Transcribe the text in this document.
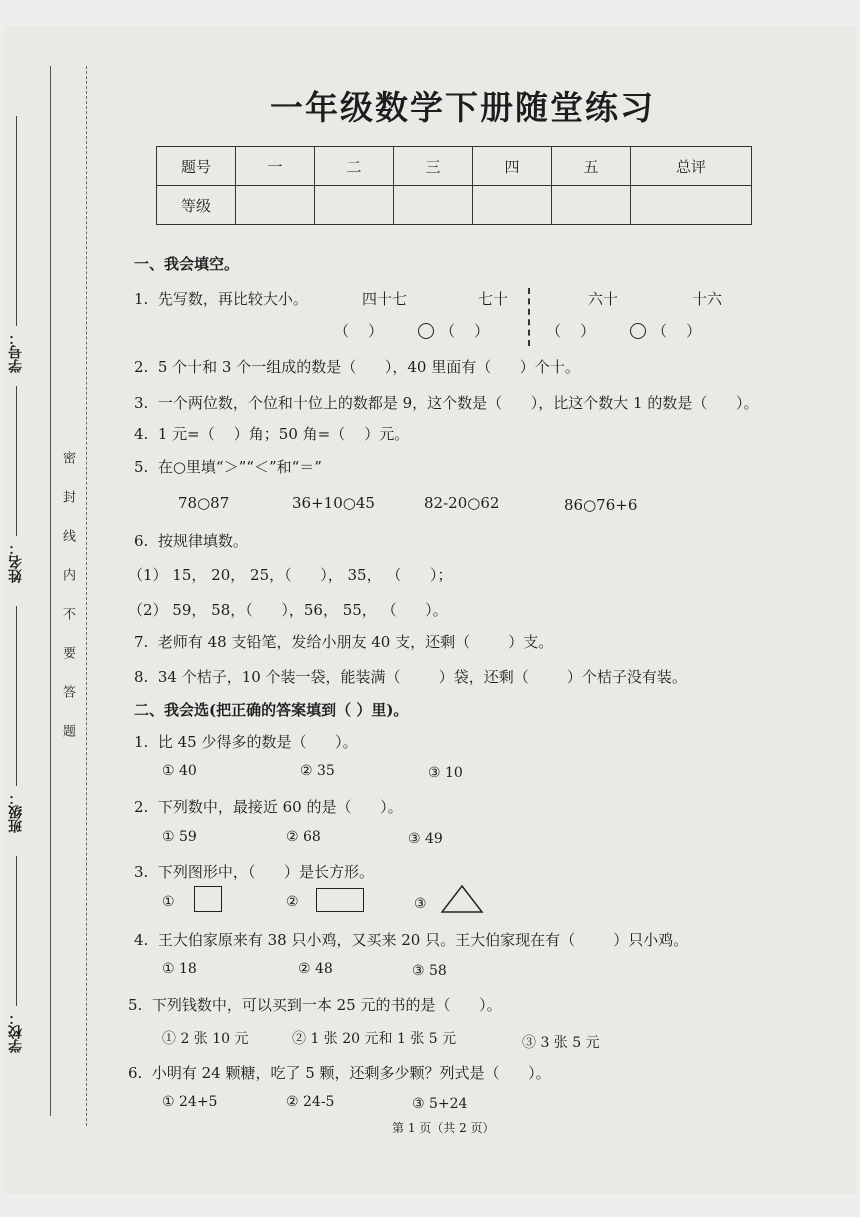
学号：
姓名：
班级：
学校：
密封线内不要答题
一年级数学下册随堂练习
题号	一	二	三	四	五	总评
等级						
一、我会填空。
1.  先写数，再比较大小。	四十七	七十	六十	十六
（    ）	（    ）	（    ）	（    ）
2.  5 个十和 3 个一组成的数是（      ），40 里面有（      ）个十。
3.  一个两位数，个位和十位上的数都是 9，这个数是（      ），比这个数大 1 的数是（      ）。
4.  1 元=（    ）角；50 角=（    ）元。
5.  在○里填“＞”“＜”和“＝”
78○87	36+10○45	82-20○62	86○76+6
6.  按规律填数。
（1） 15， 20， 25，（      ）， 35， （      ）；
（2） 59， 58，（      ），56， 55， （      ）。
7.  老师有 48 支铅笔，发给小朋友 40 支，还剩（        ）支。
8.  34 个桔子，10 个装一袋，能装满（        ）袋，还剩（        ）个桔子没有装。
二、我会选(把正确的答案填到（ ）里)。
1.  比 45 少得多的数是（      ）。
① 40	② 35	③ 10
2.  下列数中，最接近 60 的是（      ）。
① 59	② 68	③ 49
3.  下列图形中，（      ）是长方形。
①	②	③
4.  王大伯家原来有 38 只小鸡，又买来 20 只。王大伯家现在有（        ）只小鸡。
① 18	② 48	③ 58
5.  下列钱数中，可以买到一本 25 元的书的是（      ）。
① 2 张 10 元	② 1 张 20 元和 1 张 5 元	③ 3 张 5 元
6.  小明有 24 颗糖，吃了 5 颗，还剩多少颗？列式是（      ）。
① 24+5	② 24-5	③ 5+24
第 1 页（共 2 页）
